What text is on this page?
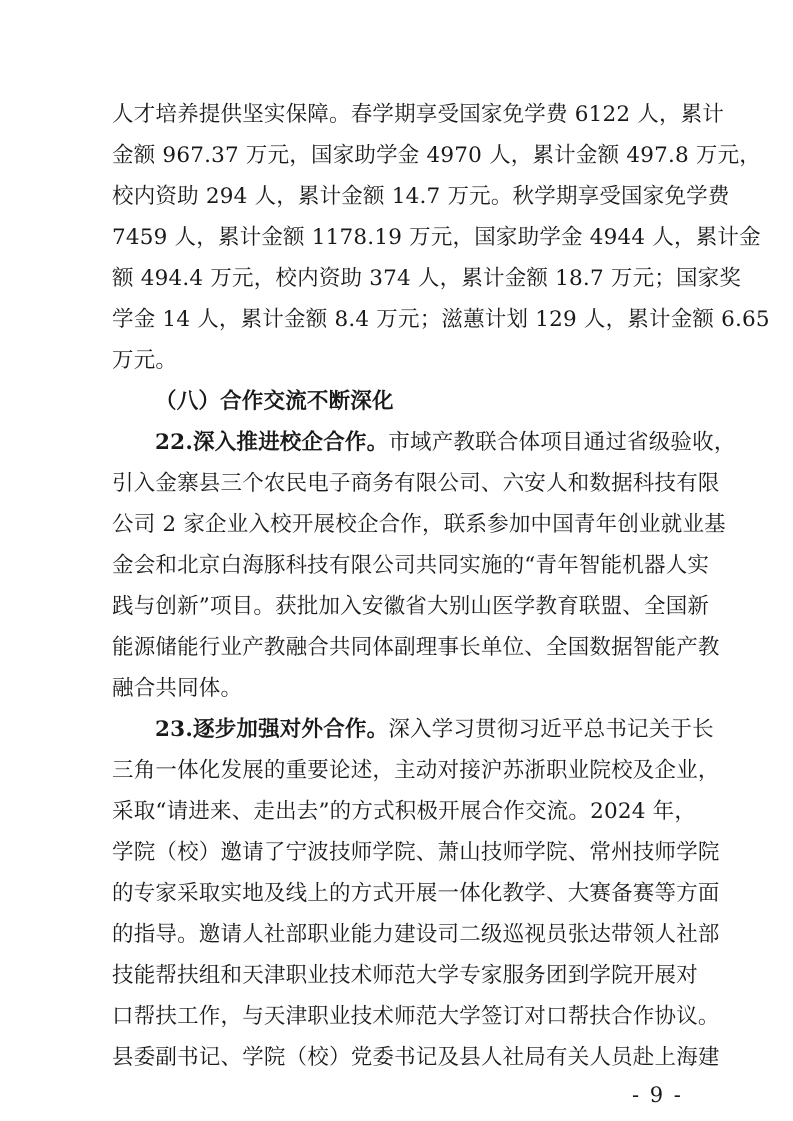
人才培养提供坚实保障。春学期享受国家免学费 6122 人，累计
金额 967.37 万元，国家助学金 4970 人，累计金额 497.8 万元，
校内资助 294 人，累计金额 14.7 万元。秋学期享受国家免学费
7459 人，累计金额 1178.19 万元，国家助学金 4944 人，累计金
额 494.4 万元，校内资助 374 人，累计金额 18.7 万元；国家奖
学金 14 人，累计金额 8.4 万元；滋蕙计划 129 人，累计金额 6.65
万元。
（八）合作交流不断深化
22.深入推进校企合作。市域产教联合体项目通过省级验收，
引入金寨县三个农民电子商务有限公司、六安人和数据科技有限
公司 2 家企业入校开展校企合作，联系参加中国青年创业就业基
金会和北京白海豚科技有限公司共同实施的“青年智能机器人实
践与创新”项目。获批加入安徽省大别山医学教育联盟、全国新
能源储能行业产教融合共同体副理事长单位、全国数据智能产教
融合共同体。
23.逐步加强对外合作。深入学习贯彻习近平总书记关于长
三角一体化发展的重要论述，主动对接沪苏浙职业院校及企业，
采取“请进来、走出去”的方式积极开展合作交流。2024 年，
学院（校）邀请了宁波技师学院、萧山技师学院、常州技师学院
的专家采取实地及线上的方式开展一体化教学、大赛备赛等方面
的指导。邀请人社部职业能力建设司二级巡视员张达带领人社部
技能帮扶组和天津职业技术师范大学专家服务团到学院开展对
口帮扶工作，与天津职业技术师范大学签订对口帮扶合作协议。
县委副书记、学院（校）党委书记及县人社局有关人员赴上海建
- 9 -
